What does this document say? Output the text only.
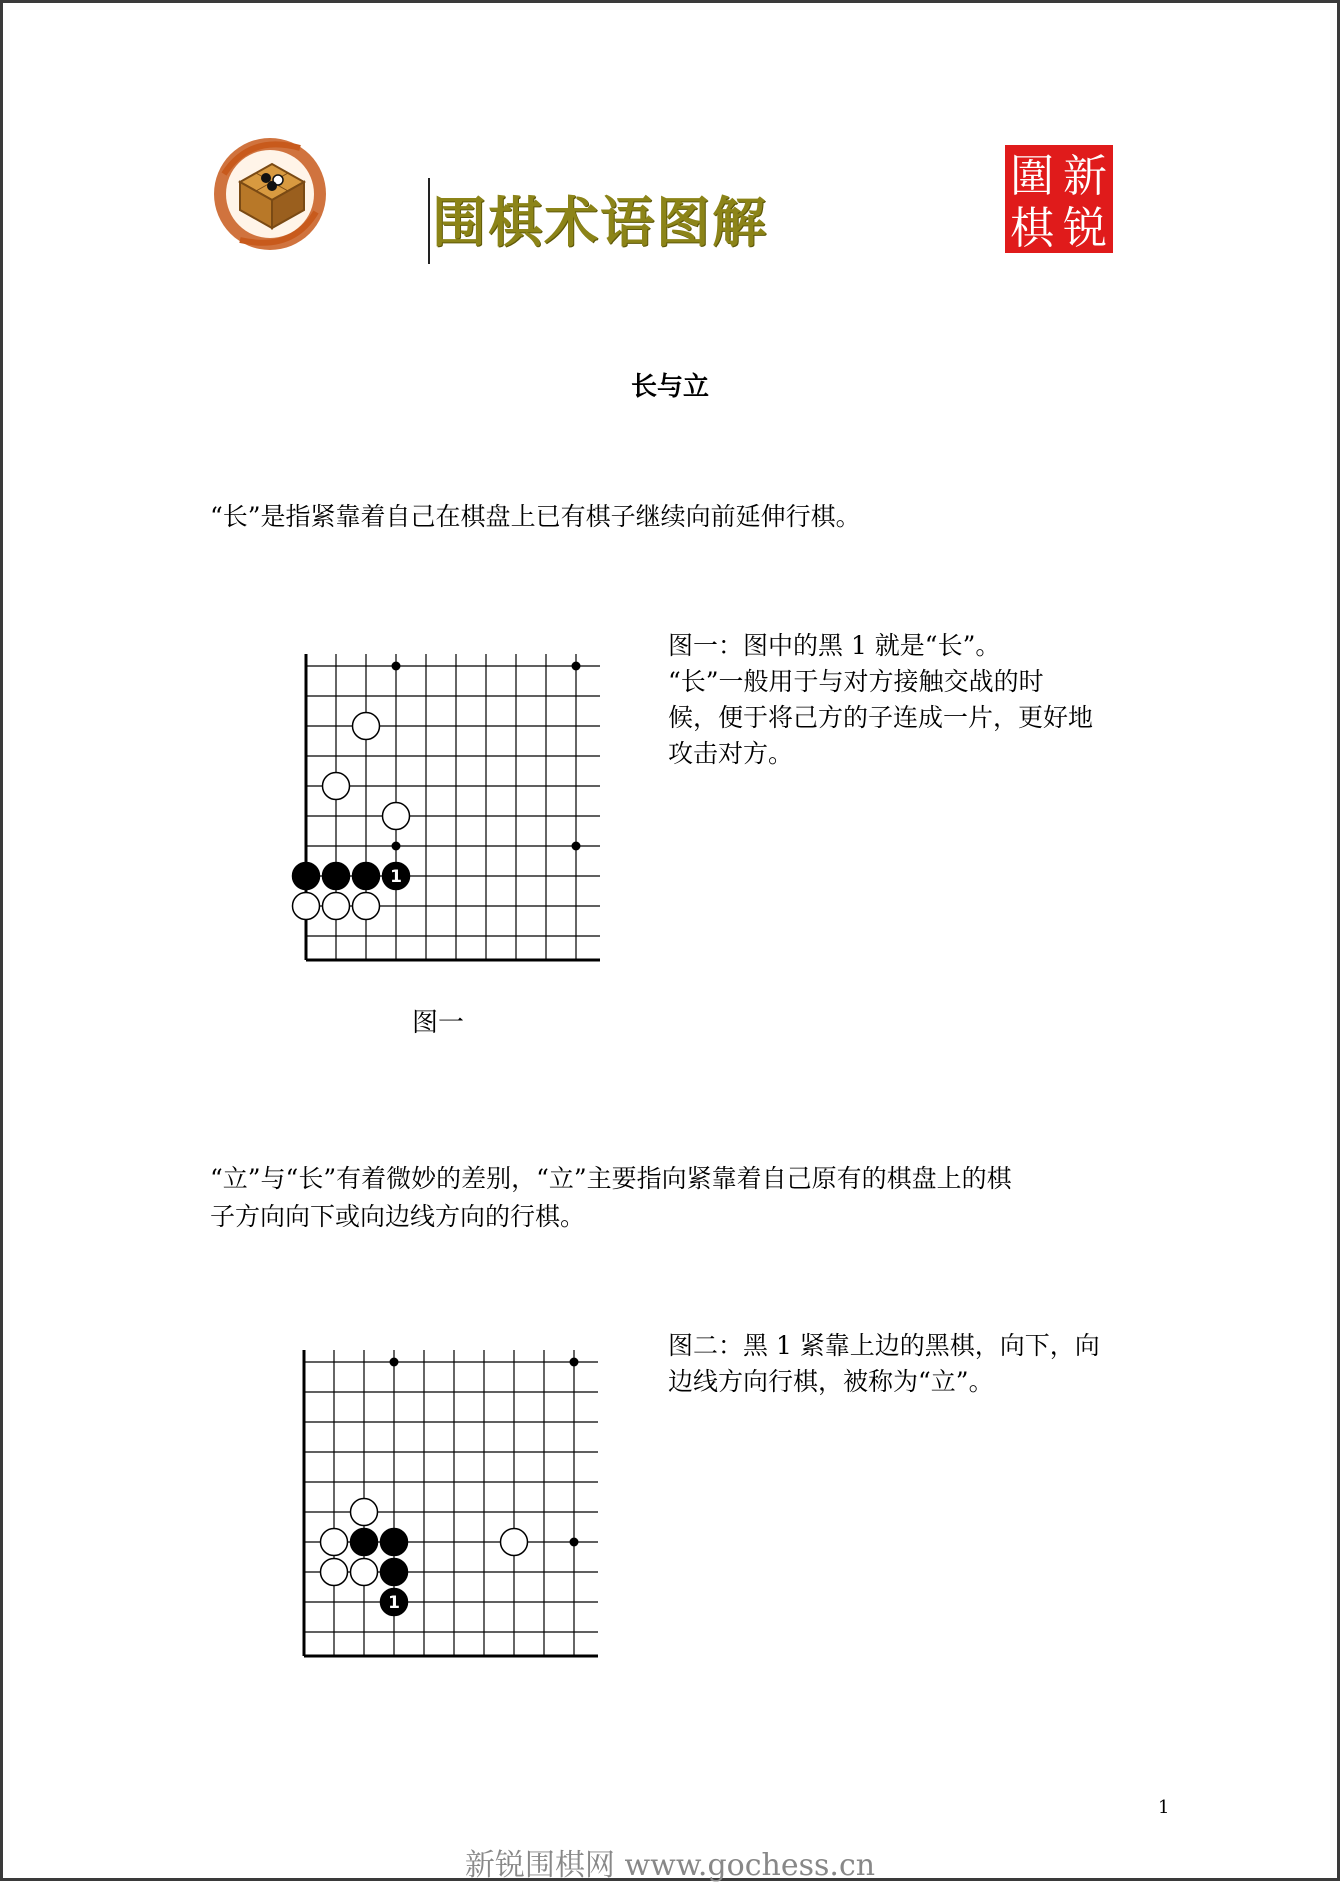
围棋术语图解
圍
棋
新
锐
长与立
“长”是指紧靠着自己在棋盘上已有棋子继续向前延伸行棋。
1
图一：图中的黑 1 就是“长”。
“长”一般用于与对方接触交战的时
候，便于将己方的子连成一片，更好地
攻击对方。
图一
“立”与“长”有着微妙的差别，“立”主要指向紧靠着自己原有的棋盘上的棋
子方向向下或向边线方向的行棋。
1
图二：黑 1 紧靠上边的黑棋，向下，向
边线方向行棋，被称为“立”。
1
新锐围棋网 www.gochess.cn
